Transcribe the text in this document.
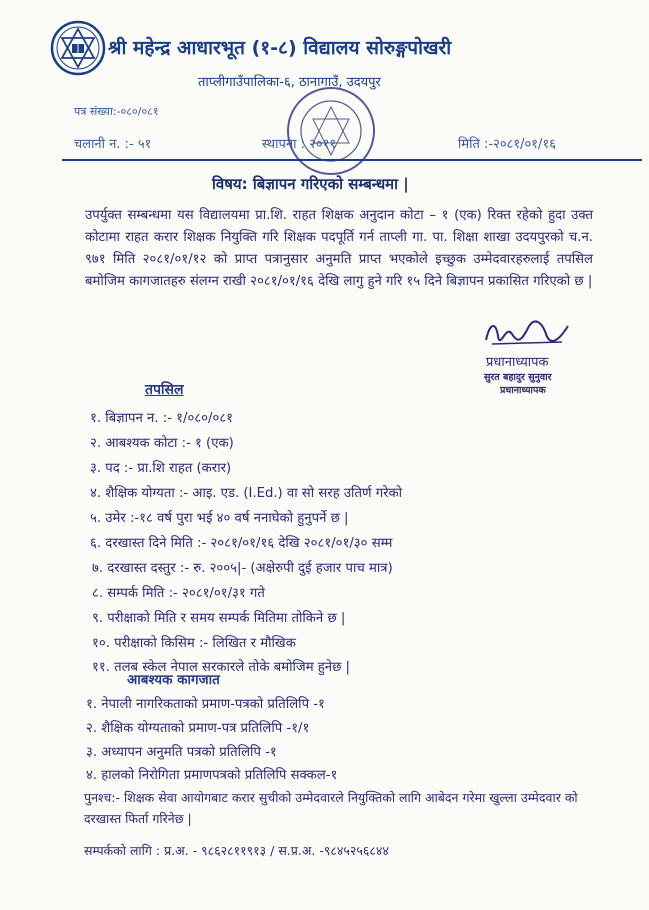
श्री महेन्द्र आधारभूत (१-८) विद्यालय सोरुङ्गपोखरी
ताप्लीगाउँपालिका-६, ठानागाउँ, उदयपुर
पत्र संख्या:-०८०/०८१
चलानी न. :- ५१	स्थापना : २०११	मिति :-२०८१/०१/१६
विषय: बिज्ञापन गरिएको सम्बन्धमा |
उपर्युक्त सम्बन्धमा यस विद्यालयमा प्रा.शि. राहत शिक्षक अनुदान कोटा – १ (एक) रिक्त रहेको हुदा उक्त कोटामा राहत करार शिक्षक नियुक्ति गरि शिक्षक पदपूर्ति गर्न ताप्ली गा. पा. शिक्षा शाखा उदयपुरको च.न. ९७१ मिति २०८१/०१/१२ को प्राप्त पत्रानुसार अनुमति प्राप्त भएकोले इच्छुक उम्मेदवारहरुलाई तपसिल बमोजिम कागजातहरु संलग्न राखी २०८१/०१/१६ देखि लागु हुने गरि १५ दिने बिज्ञापन प्रकासित गरिएको छ |
प्रधानाध्यापक
सुरत बहादुर सुनुवार
प्रधानाध्यापक
तपसिल
१. बिज्ञापन न. :- १/०८०/०८१
२. आबश्यक कोटा :- १ (एक)
३. पद :- प्रा.शि राहत (करार)
४. शैक्षिक योग्यता :- आइ. एड. (I.Ed.) वा सो सरह उतिर्ण गरेको
५. उमेर :-१८ वर्ष पुरा भई ४० वर्ष ननाघेको हुनुपर्ने छ |
६. दरखास्त दिने मिति :- २०८१/०१/१६ देखि २०८१/०१/३० सम्म
७. दरखास्त दस्तुर :- रु. २००५|- (अक्षेरुपी दुई हजार पाच मात्र)
८. सम्पर्क मिति :- २०८१/०१/३१ गते
९. परीक्षाको मिति र समय सम्पर्क मितिमा तोकिने छ |
१०. परीक्षाको किसिम :- लिखित र मौखिक
११. तलब स्केल नेपाल सरकारले तोके बमोजिम हुनेछ |
आबश्यक कागजात
१. नेपाली नागरिकताको प्रमाण-पत्रको प्रतिलिपि -१
२. शैक्षिक योग्यताको प्रमाण-पत्र प्रतिलिपि -१/१
३. अध्यापन अनुमति पत्रको प्रतिलिपि -१
४. हालको निरोगिता प्रमाणपत्रको प्रतिलिपि सक्कल-१
पुनश्च:- शिक्षक सेवा आयोगबाट करार सुचीको उम्मेदवारले नियुक्तिको लागि आबेदन गरेमा खुल्ला उम्मेदवार को दरखास्त फिर्ता गरिनेछ |
सम्पर्कको लागि : प्र.अ. - ९८६२८११९१३ / स.प्र.अ. -९८४५२५६८४४
